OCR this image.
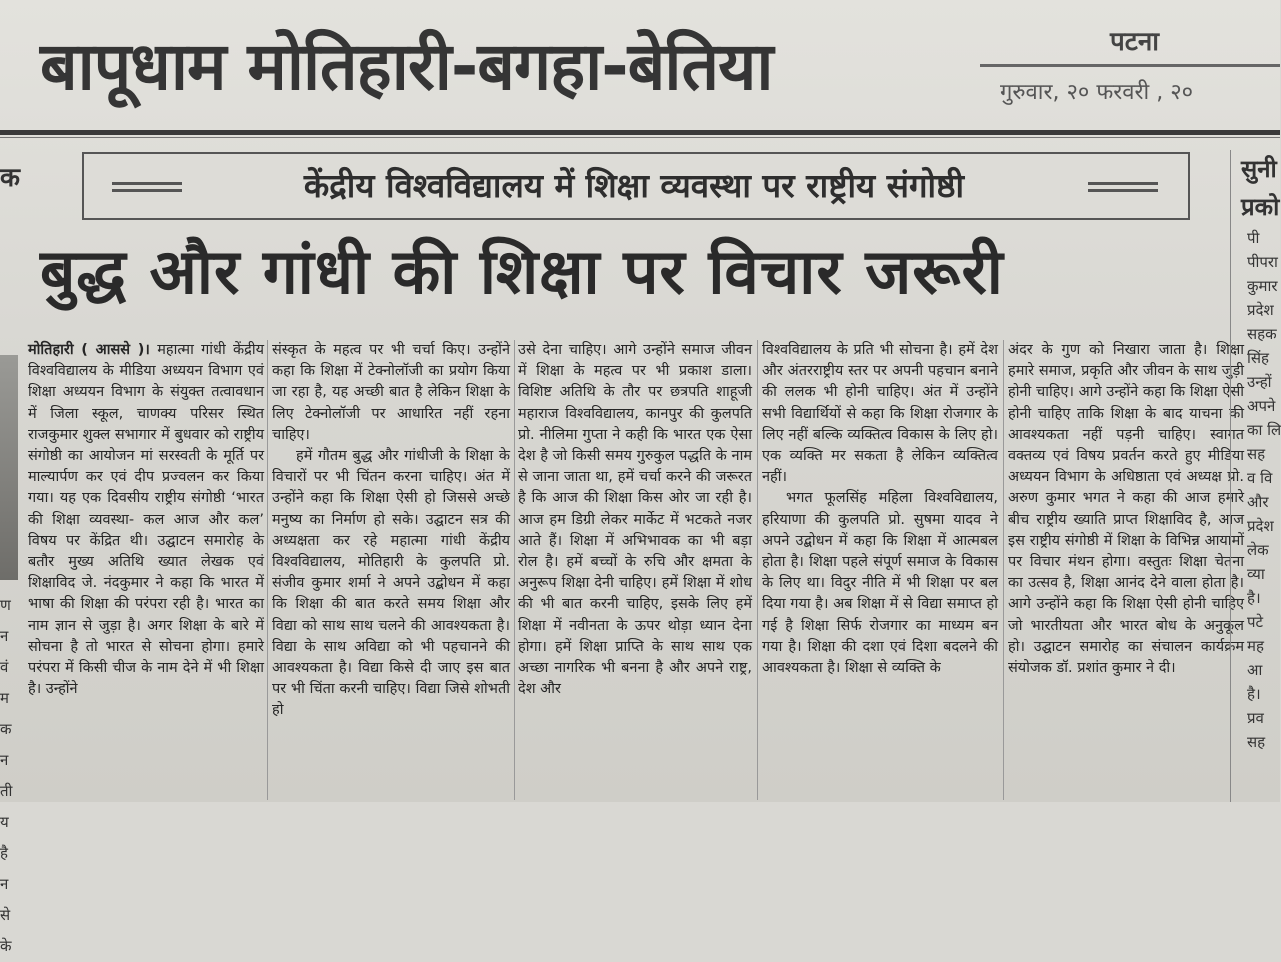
बापूधाम मोतिहारी-बगहा-बेतिया	पटना
गुरुवार, २० फरवरी , २०
क
ण
न
वं
म
क
न
ती
य
है
न
से
के
केंद्रीय विश्वविद्यालय में शिक्षा व्यवस्था पर राष्ट्रीय संगोष्ठी
बुद्ध और गांधी की शिक्षा पर विचार जरूरी

मोतिहारी ( आससे )। महात्मा गांधी केंद्रीय विश्वविद्यालय के मीडिया अध्ययन विभाग एवं शिक्षा अध्ययन विभाग के संयुक्त तत्वावधान में जिला स्कूल, चाणक्य परिसर स्थित राजकुमार शुक्ल सभागार में बुधवार को राष्ट्रीय संगोष्ठी का आयोजन मां सरस्वती के मूर्ति पर माल्यार्पण कर एवं दीप प्रज्वलन कर किया गया। यह एक दिवसीय राष्ट्रीय संगोष्ठी ‘भारत की शिक्षा व्यवस्था- कल आज और कल’ विषय पर केंद्रित थी। उद्घाटन समारोह के बतौर मुख्य अतिथि ख्यात लेखक एवं शिक्षाविद जे. नंदकुमार ने कहा कि भारत में भाषा की शिक्षा की परंपरा रही है। भारत का नाम ज्ञान से जुड़ा है। अगर शिक्षा के बारे में सोचना है तो भारत से सोचना होगा। हमारे परंपरा में किसी चीज के नाम देने में भी शिक्षा है। उन्होंने

संस्कृत के महत्व पर भी चर्चा किए। उन्होंने कहा कि शिक्षा में टेक्नोलॉजी का प्रयोग किया जा रहा है, यह अच्छी बात है लेकिन शिक्षा के लिए टेक्नोलॉजी पर आधारित नहीं रहना चाहिए।

हमें गौतम बुद्ध और गांधीजी के शिक्षा के विचारों पर भी चिंतन करना चाहिए। अंत में उन्होंने कहा कि शिक्षा ऐसी हो जिससे अच्छे मनुष्य का निर्माण हो सके। उद्घाटन सत्र की अध्यक्षता कर रहे महात्मा गांधी केंद्रीय विश्वविद्यालय, मोतिहारी के कुलपति प्रो. संजीव कुमार शर्मा ने अपने उद्बोधन में कहा कि शिक्षा की बात करते समय शिक्षा और विद्या को साथ साथ चलने की आवश्यकता है। विद्या के साथ अविद्या को भी पहचानने की आवश्यकता है। विद्या किसे दी जाए इस बात पर भी चिंता करनी चाहिए। विद्या जिसे शोभती हो

उसे देना चाहिए। आगे उन्होंने समाज जीवन में शिक्षा के महत्व पर भी प्रकाश डाला। विशिष्ट अतिथि के तौर पर छत्रपति शाहूजी महाराज विश्वविद्यालय, कानपुर की कुलपति प्रो. नीलिमा गुप्ता ने कही कि भारत एक ऐसा देश है जो किसी समय गुरुकुल पद्धति के नाम से जाना जाता था, हमें चर्चा करने की जरूरत है कि आज की शिक्षा किस ओर जा रही है। आज हम डिग्री लेकर मार्केट में भटकते नजर आते हैं। शिक्षा में अभिभावक का भी बड़ा रोल है। हमें बच्चों के रुचि और क्षमता के अनुरूप शिक्षा देनी चाहिए। हमें शिक्षा में शोध की भी बात करनी चाहिए, इसके लिए हमें शिक्षा में नवीनता के ऊपर थोड़ा ध्यान देना होगा। हमें शिक्षा प्राप्ति के साथ साथ एक अच्छा नागरिक भी बनना है और अपने राष्ट्र, देश और

विश्वविद्यालय के प्रति भी सोचना है। हमें देश और अंतरराष्ट्रीय स्तर पर अपनी पहचान बनाने की ललक भी होनी चाहिए। अंत में उन्होंने सभी विद्यार्थियों से कहा कि शिक्षा रोजगार के लिए नहीं बल्कि व्यक्तित्व विकास के लिए हो। एक व्यक्ति मर सकता है लेकिन व्यक्तित्व नहीं।

भगत फूलसिंह महिला विश्वविद्यालय, हरियाणा की कुलपति प्रो. सुषमा यादव ने अपने उद्बोधन में कहा कि शिक्षा में आत्मबल होता है। शिक्षा पहले संपूर्ण समाज के विकास के लिए था। विदुर नीति में भी शिक्षा पर बल दिया गया है। अब शिक्षा में से विद्या समाप्त हो गई है शिक्षा सिर्फ रोजगार का माध्यम बन गया है। शिक्षा की दशा एवं दिशा बदलने की आवश्यकता है। शिक्षा से व्यक्ति के

अंदर के गुण को निखारा जाता है। शिक्षा हमारे समाज, प्रकृति और जीवन के साथ जुड़ी होनी चाहिए। आगे उन्होंने कहा कि शिक्षा ऐसी होनी चाहिए ताकि शिक्षा के बाद याचना की आवश्यकता नहीं पड़नी चाहिए। स्वागत वक्तव्य एवं विषय प्रवर्तन करते हुए मीडिया अध्ययन विभाग के अधिष्ठाता एवं अध्यक्ष प्रो. अरुण कुमार भगत ने कहा की आज हमारे बीच राष्ट्रीय ख्याति प्राप्त शिक्षाविद है, आज इस राष्ट्रीय संगोष्ठी में शिक्षा के विभिन्न आयामों पर विचार मंथन होगा। वस्तुतः शिक्षा चेतना का उत्सव है, शिक्षा आनंद देने वाला होता है। आगे उन्होंने कहा कि शिक्षा ऐसी होनी चाहिए जो भारतीयता और भारत बोध के अनुकूल हो। उद्घाटन समारोह का संचालन कार्यक्रम संयोजक डॉ. प्रशांत कुमार ने दी।

सुनी
प्रको
पी
पीपरा
कुमार
प्रदेश
सहक
सिंह
उन्हों
अपने
का लि
सह
व वि
और
प्रदेश
लेक
व्या
है।
पटे
मह
आ
है।
प्रव
सह
